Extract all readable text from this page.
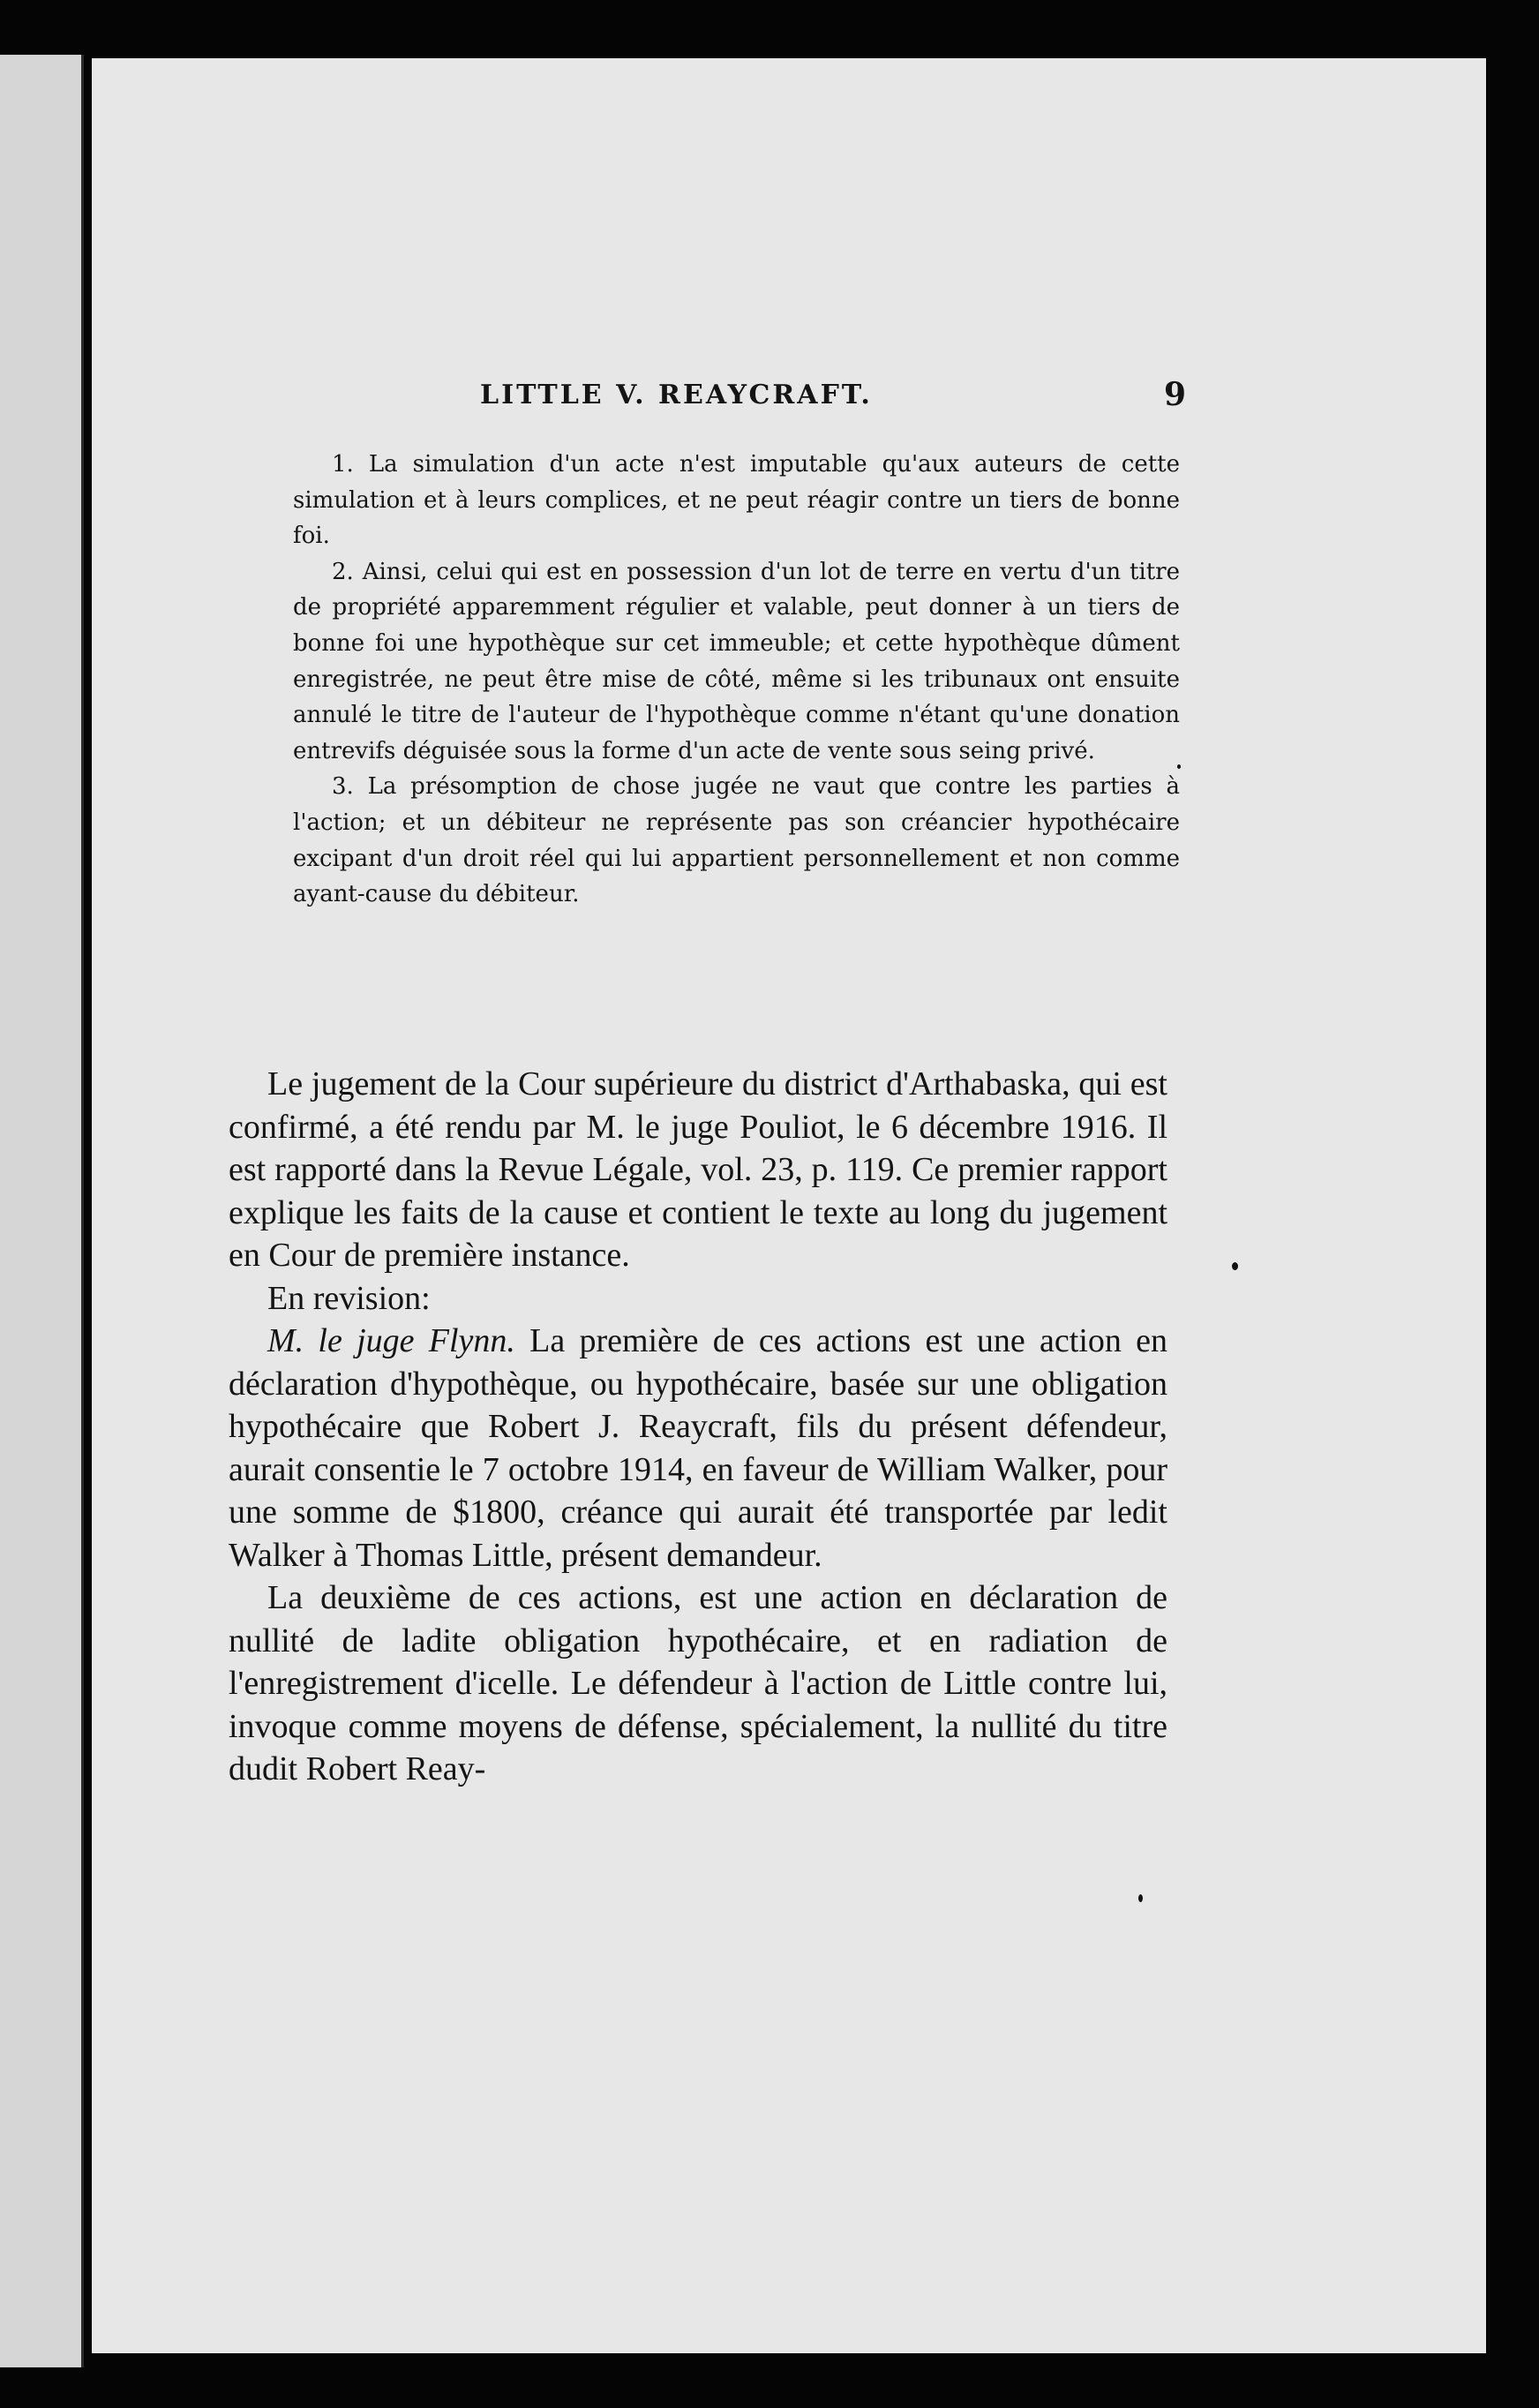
LITTLE V. REAYCRAFT.	9

1. La simulation d'un acte n'est imputable qu'aux auteurs de cette simulation et à leurs complices, et ne peut réagir contre un tiers de bonne foi.

2. Ainsi, celui qui est en possession d'un lot de terre en vertu d'un titre de propriété apparemment régulier et valable, peut donner à un tiers de bonne foi une hypothèque sur cet immeuble; et cette hypothèque dûment enregistrée, ne peut être mise de côté, même si les tribunaux ont ensuite annulé le titre de l'auteur de l'hypothèque comme n'étant qu'une donation entrevifs déguisée sous la forme d'un acte de vente sous seing privé.

3. La présomption de chose jugée ne vaut que contre les parties à l'action; et un débiteur ne représente pas son créancier hypothécaire excipant d'un droit réel qui lui appartient personnellement et non comme ayant-cause du débiteur.

Le jugement de la Cour supérieure du district d'Arthabaska, qui est confirmé, a été rendu par M. le juge Pouliot, le 6 décembre 1916. Il est rapporté dans la Revue Légale, vol. 23, p. 119. Ce premier rapport explique les faits de la cause et contient le texte au long du jugement en Cour de première instance.

En revision:

M. le juge Flynn. La première de ces actions est une action en déclaration d'hypothèque, ou hypothécaire, basée sur une obligation hypothécaire que Robert J. Reaycraft, fils du présent défendeur, aurait consentie le 7 octobre 1914, en faveur de William Walker, pour une somme de $1800, créance qui aurait été transportée par ledit Walker à Thomas Little, présent demandeur.

La deuxième de ces actions, est une action en déclaration de nullité de ladite obligation hypothécaire, et en radiation de l'enregistrement d'icelle. Le défendeur à l'action de Little contre lui, invoque comme moyens de défense, spécialement, la nullité du titre dudit Robert Reay-
